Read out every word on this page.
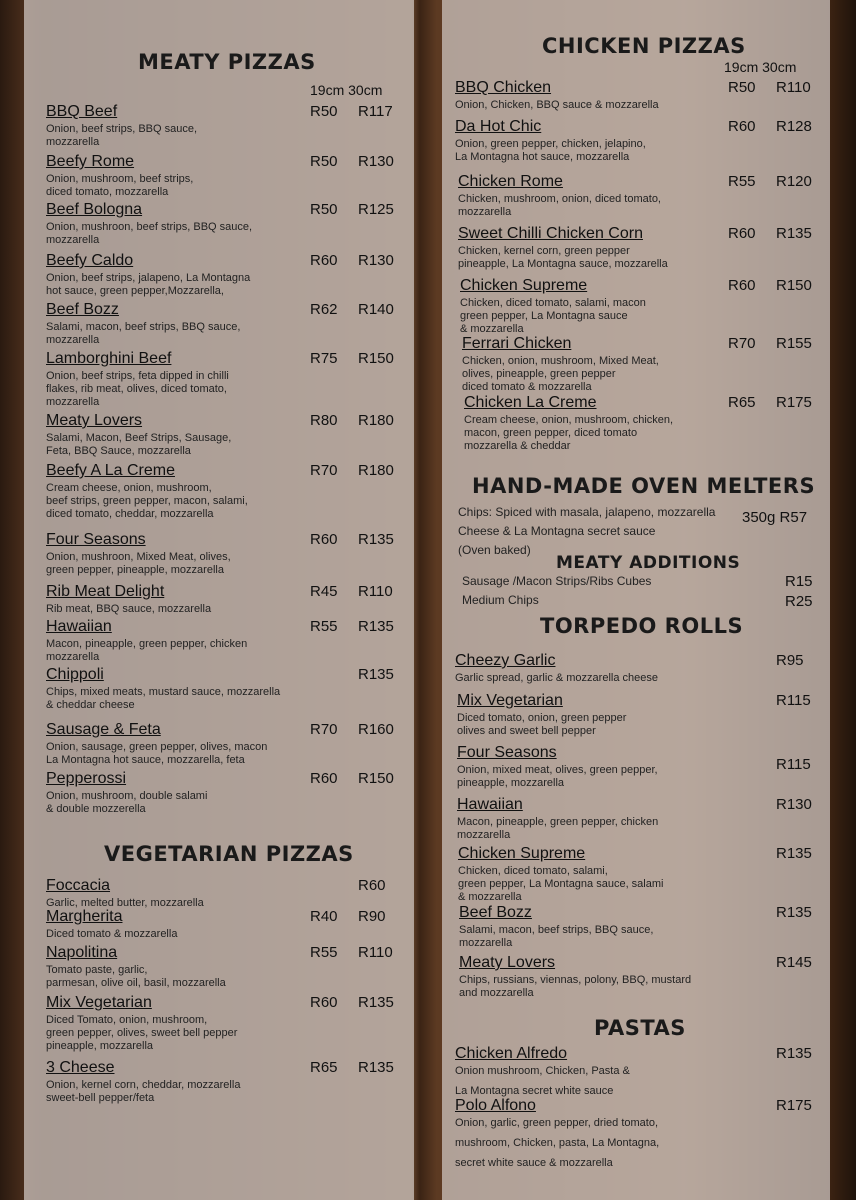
MEATY PIZZAS
19cm 30cm
VEGETARIAN PIZZAS
CHICKEN PIZZAS
19cm 30cm
HAND-MADE OVEN MELTERS
Chips: Spiced with masala, jalapeno, mozzarella
Cheese & La Montagna secret sauce
(Oven baked)
350g R57
MEATY ADDITIONS
Sausage /Macon Strips/Ribs Cubes	R15
Medium Chips	R25
TORPEDO ROLLS
PASTAS
BBQ Beef
Onion, beef strips, BBQ sauce,
mozzarella
R50 R117
Beefy Rome
Onion, mushroom, beef strips,
diced tomato, mozzarella
R50 R130
Beef Bologna
Onion, mushroon, beef strips, BBQ sauce,
mozzarella
R50 R125
Beefy Caldo
Onion, beef strips, jalapeno, La Montagna
hot sauce, green pepper,Mozzarella,
R60 R130
Beef Bozz
Salami, macon, beef strips, BBQ sauce,
mozzarella
R62 R140
Lamborghini Beef
Onion, beef strips, feta dipped in chilli
flakes, rib meat, olives, diced tomato,
mozzarella
R75 R150
Meaty Lovers
Salami, Macon, Beef Strips, Sausage,
Feta, BBQ Sauce, mozzarella
R80 R180
Beefy A La Creme
Cream cheese, onion, mushroom,
beef strips, green pepper, macon, salami,
diced tomato, cheddar, mozzarella
R70 R180
Four Seasons
Onion, mushroon, Mixed Meat, olives,
green pepper, pineapple, mozzarella
R60 R135
Rib Meat Delight
Rib meat, BBQ sauce, mozzarella
R45 R110
Hawaiian
Macon, pineapple, green pepper, chicken
mozzarella
R55 R135
Chippoli
Chips, mixed meats, mustard sauce, mozzarella
& cheddar cheese
R135
Sausage & Feta
Onion, sausage, green pepper, olives, macon
La Montagna hot sauce, mozzarella, feta
R70 R160
Pepperossi
Onion, mushroom, double salami
& double mozzerella
R60 R150
Foccacia
Garlic, melted butter, mozzarella
R60
Margherita
Diced tomato & mozzarella
R40 R90
Napolitina
Tomato paste, garlic,
parmesan, olive oil, basil, mozzarella
R55 R110
Mix Vegetarian
Diced Tomato, onion, mushroom,
green pepper, olives, sweet bell pepper
pineapple, mozzarella
R60 R135
3 Cheese
Onion, kernel corn, cheddar, mozzarella
sweet-bell pepper/feta
R65 R135
BBQ Chicken
Onion, Chicken, BBQ sauce & mozzarella
R50 R110
Da Hot Chic
Onion, green pepper, chicken, jelapino,
La Montagna hot sauce, mozzarella
R60 R128
Chicken Rome
Chicken, mushroom, onion, diced tomato,
mozzarella
R55 R120
Sweet Chilli Chicken Corn
Chicken, kernel corn, green pepper
pineapple, La Montagna sauce, mozzarella
R60 R135
Chicken Supreme
Chicken, diced tomato, salami, macon
green pepper, La Montagna sauce
& mozzarella
R60 R150
Ferrari Chicken
Chicken, onion, mushroom, Mixed Meat,
olives, pineapple, green pepper
diced tomato & mozzarella
R70 R155
Chicken La Creme
Cream cheese, onion, mushroom, chicken,
macon, green pepper, diced tomato
mozzarella & cheddar
R65 R175
Cheezy Garlic
Garlic spread, garlic & mozzarella cheese
R95
Mix Vegetarian
Diced tomato, onion, green pepper
olives and sweet bell pepper
R115
Four Seasons
Onion, mixed meat, olives, green pepper,
pineapple, mozzarella
R115
Hawaiian
Macon, pineapple, green pepper, chicken
mozzarella
R130
Chicken Supreme
Chicken, diced tomato, salami,
green pepper, La Montagna sauce, salami
& mozzarella
R135
Beef Bozz
Salami, macon, beef strips, BBQ sauce,
mozzarella
R135
Meaty Lovers
Chips, russians, viennas, polony, BBQ, mustard
and mozzarella
R145
Chicken Alfredo
Onion mushroom, Chicken, Pasta &
La Montagna secret white sauce
R135
Polo Alfono
Onion, garlic, green pepper, dried tomato,
mushroom, Chicken, pasta, La Montagna,
secret white sauce & mozzarella
R175
